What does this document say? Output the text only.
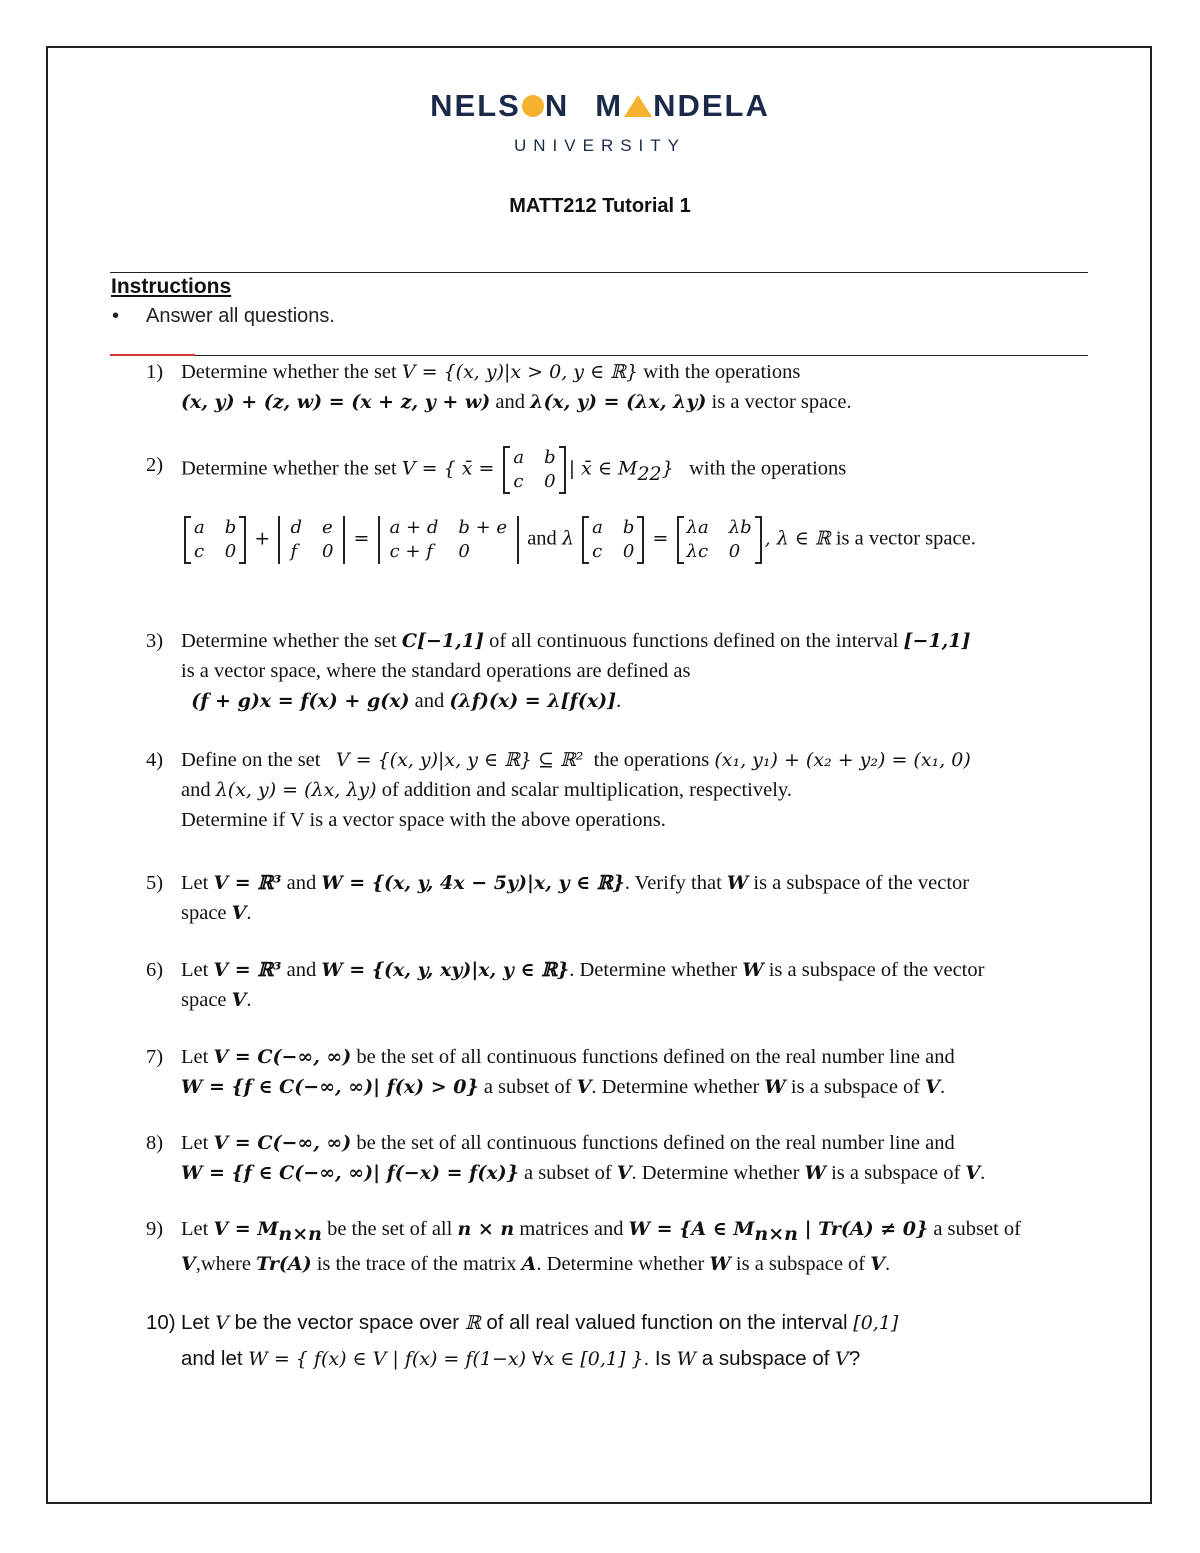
NELS N M NDELA
UNIVERSITY
MATT212 Tutorial 1
Instructions
• Answer all questions.
1) Determine whether the set V = {(x, y)|x > 0, y ∈ ℝ} with the operations
(x, y) + (z, w) = (x + z, y + w) and λ(x, y) = (λx, λy) is a vector space.
2) Determine whether the set V = { x̄ =
a	b
c	0
| x̄ ∈ $M_{22}$}   with the operations
a	b
c	0
+
d	e
f	0
=
a + d	b + e
c + f	0
and λ
a	b
c	0
=
λa	λb
λc	0
, λ ∈ ℝ is a vector space.
3) Determine whether the set C[−1,1] of all continuous functions defined on the interval [−1,1]
is a vector space, where the standard operations are defined as
(f + g)x = f(x) + g(x) and (λf)(x) = λ[f(x)].
4) Define on the set   V = {(x, y)|x, y ∈ ℝ} ⊆ ℝ²  the operations (x₁, y₁) + (x₂ + y₂) = (x₁, 0)
and λ(x, y) = (λx, λy) of addition and scalar multiplication, respectively.
Determine if V is a vector space with the above operations.
5) Let V = ℝ³ and W = {(x, y, 4x − 5y)|x, y ∈ ℝ}. Verify that W is a subspace of the vector
space V.
6) Let V = ℝ³ and W = {(x, y, xy)|x, y ∈ ℝ}. Determine whether W is a subspace of the vector
space V.
7) Let V = C(−∞, ∞) be the set of all continuous functions defined on the real number line and
W = {f ∈ C(−∞, ∞)| f(x) > 0} a subset of V. Determine whether W is a subspace of V.
8) Let V = C(−∞, ∞) be the set of all continuous functions defined on the real number line and
W = {f ∈ C(−∞, ∞)| f(−x) = f(x)} a subset of V. Determine whether W is a subspace of V.
9) Let $V = M_{n\times n}$ be the set of all n × n matrices and W = {A ∈ $M_{n\times n}$ | Tr(A) ≠ 0} a subset of
V,where Tr(A) is the trace of the matrix A. Determine whether W is a subspace of V.
10) Let V be the vector space over ℝ of all real valued function on the interval [0,1]
and let W = { f(x) ∈ V | f(x) = f(1−x) ∀x ∈ [0,1] }. Is W a subspace of V?
